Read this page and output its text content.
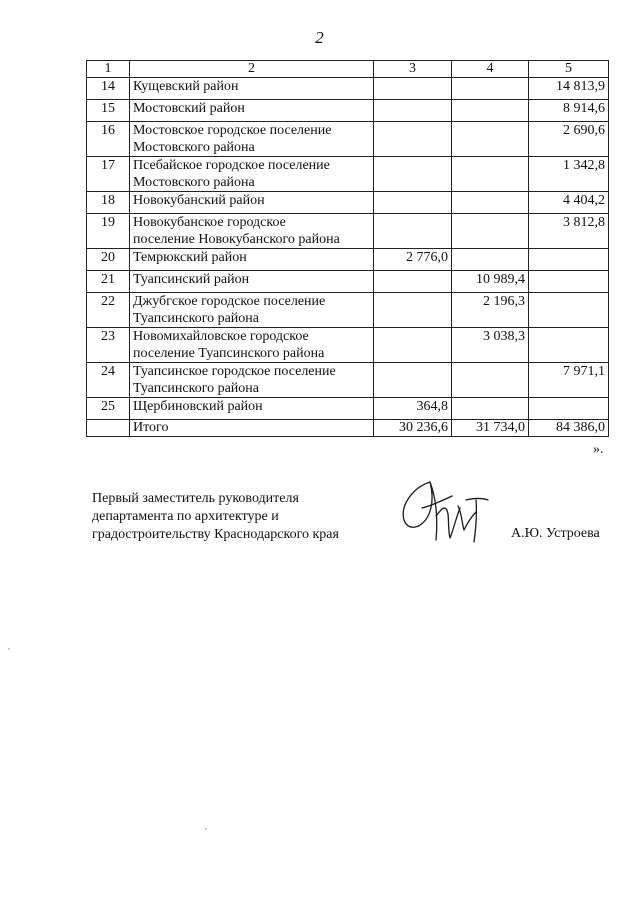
2
1	2	3	4	5
14	Кущевский район			14 813,9
15	Мостовский район			8 914,6
16	Мостовское городское поселение
Мостовского района			2 690,6
17	Псебайское городское поселение
Мостовского района			1 342,8
18	Новокубанский район			4 404,2
19	Новокубанское городское
поселение Новокубанского района			3 812,8
20	Темрюкский район	2 776,0		
21	Туапсинский район		10 989,4	
22	Джубгское городское поселение
Туапсинского района		2 196,3	
23	Новомихайловское городское
поселение Туапсинского района		3 038,3	
24	Туапсинское городское поселение
Туапсинского района			7 971,1
25	Щербиновский район	364,8		
	Итого	30 236,6	31 734,0	84 386,0
».
Первый заместитель руководителя
департамента по архитектуре и
градостроительству Краснодарского края	А.Ю. Устроева
